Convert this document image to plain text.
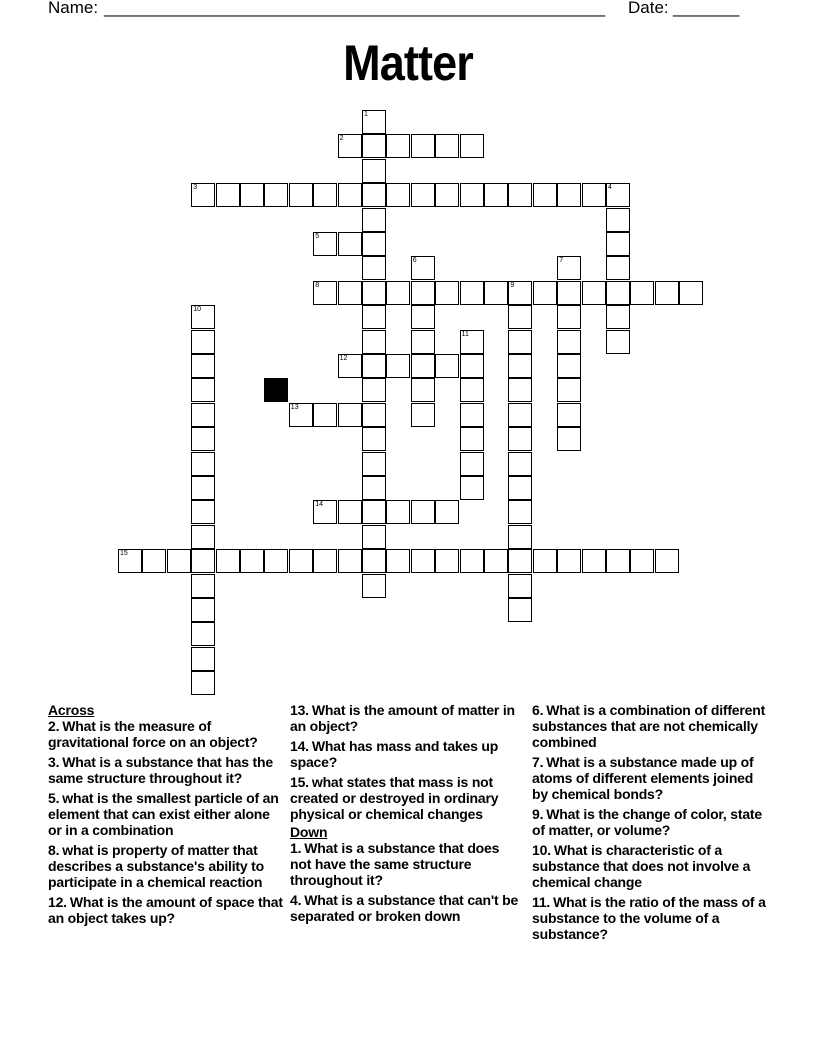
Name: _____________________________________________________ Date: _______
Matter
2
3	4
5
8	9
12
13
14
15
1
6	7
10
11
Across
2. What is the measure of gravitational force on an object?
3. What is a substance that has the same structure throughout it?
5. what is the smallest particle of an element that can exist either alone or in a combination
8. what is property of matter that describes a substance's ability to participate in a chemical reaction
12. What is the amount of space that an object takes up?
13. What is the amount of matter in an object?
14. What has mass and takes up space?
15. what states that mass is not created or destroyed in ordinary physical or chemical changes
Down
1. What is a substance that does not have the same structure throughout it?
4. What is a substance that can't be separated or broken down
6. What is a combination of different substances that are not chemically combined
7. What is a substance made up of atoms of different elements joined by chemical bonds?
9. What is the change of color, state of matter, or volume?
10. What is characteristic of a substance that does not involve a chemical change
11. What is the ratio of the mass of a substance to the volume of a substance?
